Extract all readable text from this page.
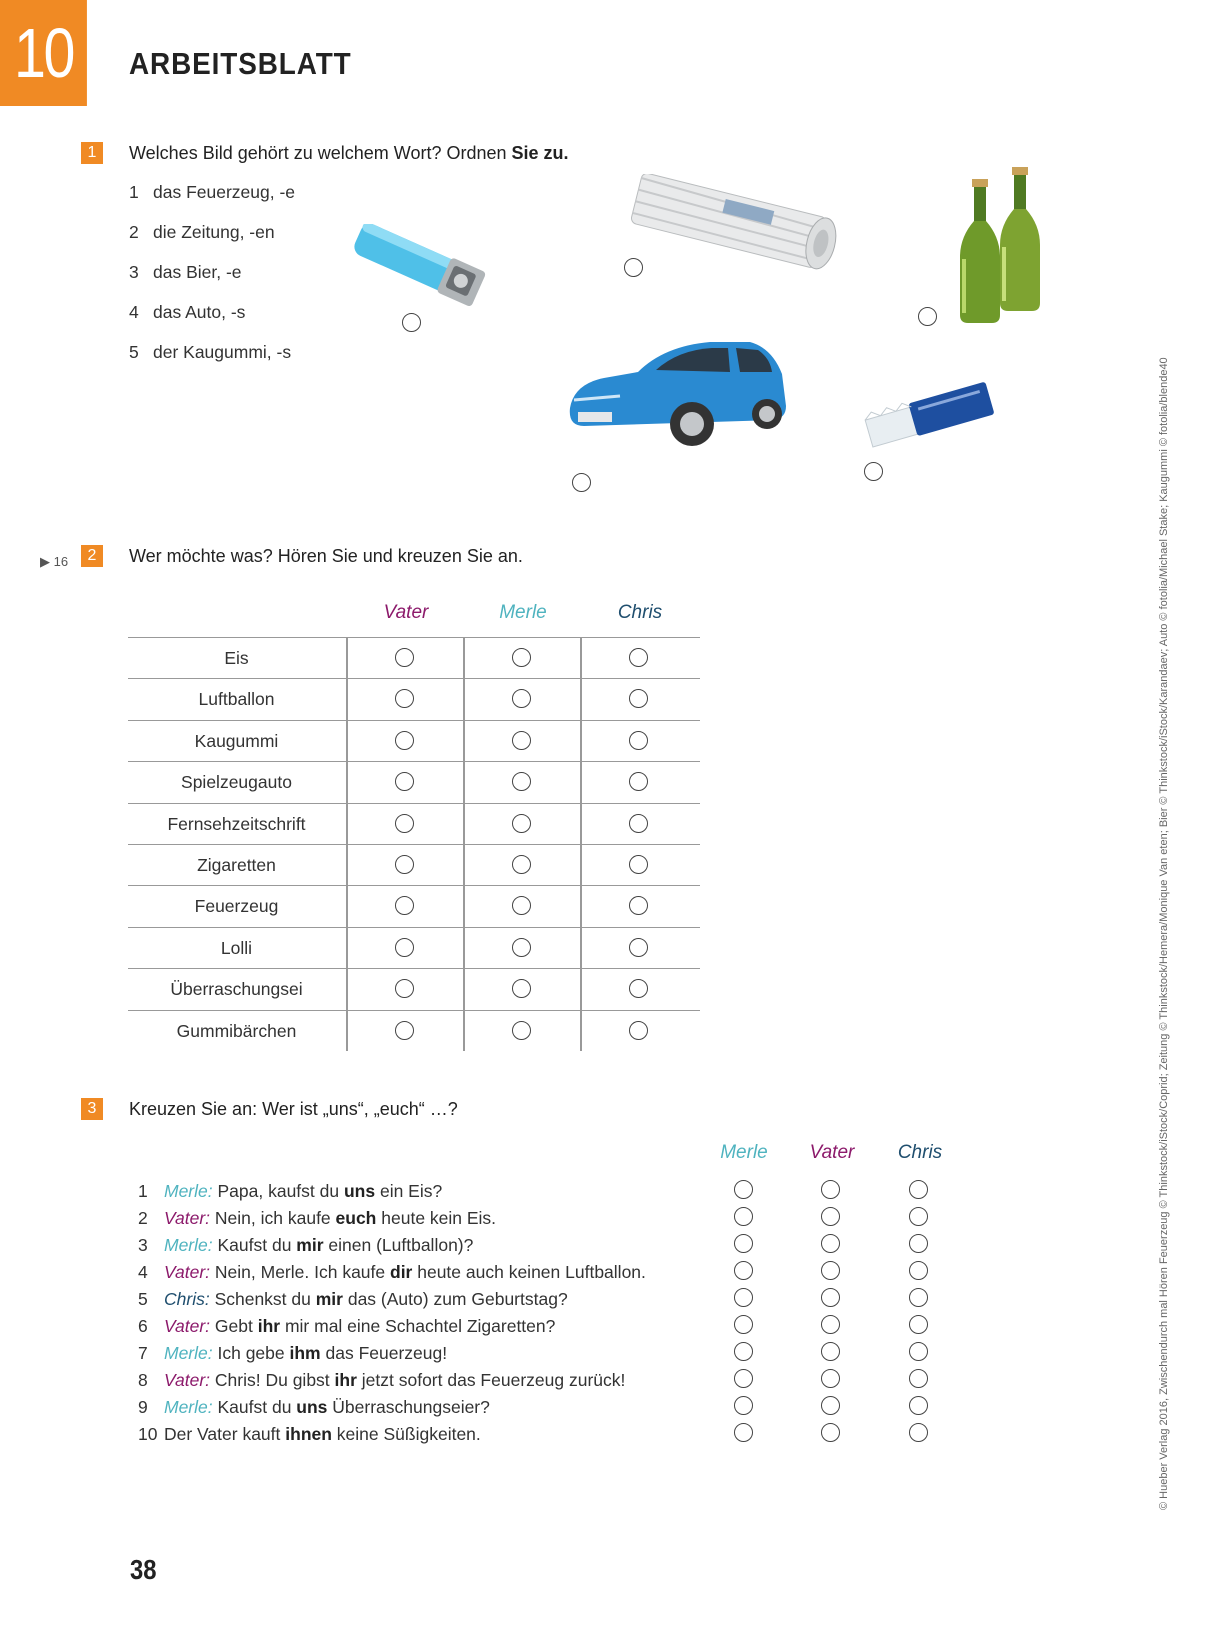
10	ARBEITSBLATT
1	Welches Bild gehört zu welchem Wort? Ordnen Sie zu.
1 das Feuerzeug, -e
2 die Zeitung, -en
3 das Bier, -e
4 das Auto, -s
5 der Kaugummi, -s
▶ 16	2	Wer möchte was? Hören Sie und kreuzen Sie an.
Vater	Merle	Chris
Eis
Luftballon
Kaugummi
Spielzeugauto
Fernsehzeitschrift
Zigaretten
Feuerzeug
Lolli
Überraschungsei
Gummibärchen
3	Kreuzen Sie an: Wer ist „uns“, „euch“ …?
Merle	Vater	Chris
1 Merle: Papa, kaufst du uns ein Eis?
2 Vater: Nein, ich kaufe euch heute kein Eis.
3 Merle: Kaufst du mir einen (Luftballon)?
4 Vater: Nein, Merle. Ich kaufe dir heute auch keinen Luftballon.
5 Chris: Schenkst du mir das (Auto) zum Geburtstag?
6 Vater: Gebt ihr mir mal eine Schachtel Zigaretten?
7 Merle: Ich gebe ihm das Feuerzeug!
8 Vater: Chris! Du gibst ihr jetzt sofort das Feuerzeug zurück!
9 Merle: Kaufst du uns Überraschungseier?
10 Der Vater kauft ihnen keine Süßigkeiten.	© Hueber Verlag 2016, Zwischendurch mal Hören Feuerzeug © Thinkstock/iStock/Coprid; Zeitung © Thinkstock/Hemera/Monique Van eten; Bier © Thinkstock/iStock/Karandaev; Auto © fotolia/Michael Stake; Kaugummi © fotolia/blende40
38
